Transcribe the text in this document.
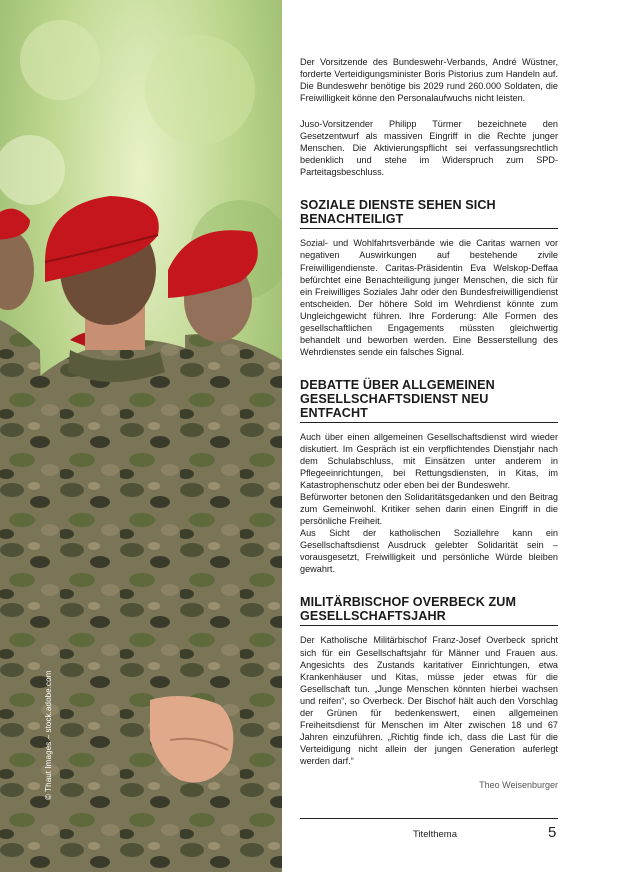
© Thaut Images – stock.adobe.com

Der Vorsitzende des Bundeswehr-Verbands, André Wüstner, forderte Verteidigungsminister Boris Pistorius zum Handeln auf. Die Bundeswehr benötige bis 2029 rund 260.000 Soldaten, die Freiwilligkeit könne den Personalaufwuchs nicht leisten.

Juso-Vorsitzender Philipp Türmer bezeichnete den Gesetzentwurf als massiven Eingriff in die Rechte junger Menschen. Die Aktivierungspflicht sei verfassungsrechtlich bedenklich und stehe im Widerspruch zum SPD-Parteitagsbeschluss.

SOZIALE DIENSTE SEHEN SICH BENACHTEILIGT

Sozial- und Wohlfahrtsverbände wie die Caritas warnen vor negativen Auswirkungen auf bestehende zivile Freiwilligendienste. Caritas-Präsidentin Eva Welskop-Deffaa befürchtet eine Benachteiligung junger Menschen, die sich für ein Freiwilliges Soziales Jahr oder den Bundesfreiwilligendienst entscheiden. Der höhere Sold im Wehrdienst könnte zum Ungleichgewicht führen. Ihre Forderung: Alle Formen des gesellschaftlichen Engagements müssten gleichwertig behandelt und beworben werden. Eine Besserstellung des Wehrdienstes sende ein falsches Signal.

DEBATTE ÜBER ALLGEMEINEN GESELLSCHAFTSDIENST NEU ENTFACHT

Auch über einen allgemeinen Gesellschaftsdienst wird wieder diskutiert. Im Gespräch ist ein verpflichtendes Dienstjahr nach dem Schulabschluss, mit Einsätzen unter anderem in Pflegeeinrichtungen, bei Rettungsdiensten, in Kitas, im Katastrophenschutz oder eben bei der Bundeswehr.

Befürworter betonen den Solidaritätsgedanken und den Beitrag zum Gemeinwohl. Kritiker sehen darin einen Eingriff in die persönliche Freiheit.

Aus Sicht der katholischen Soziallehre kann ein Gesellschaftsdienst Ausdruck gelebter Solidarität sein – vorausgesetzt, Freiwilligkeit und persönliche Würde bleiben gewahrt.

MILITÄRBISCHOF OVERBECK ZUM GESELLSCHAFTSJAHR

Der Katholische Militärbischof Franz-Josef Overbeck spricht sich für ein Gesellschaftsjahr für Männer und Frauen aus. Angesichts des Zustands karitativer Einrichtungen, etwa Krankenhäuser und Kitas, müsse jeder etwas für die Gesellschaft tun. „Junge Menschen könnten hierbei wachsen und reifen“, so Overbeck. Der Bischof hält auch den Vorschlag der Grünen für bedenkenswert, einen allgemeinen Freiheitsdienst für Menschen im Alter zwischen 18 und 67 Jahren einzuführen. „Richtig finde ich, dass die Last für die Verteidigung nicht allein der jungen Generation auferlegt werden darf.“

Theo Weisenburger
Titelthema	5
